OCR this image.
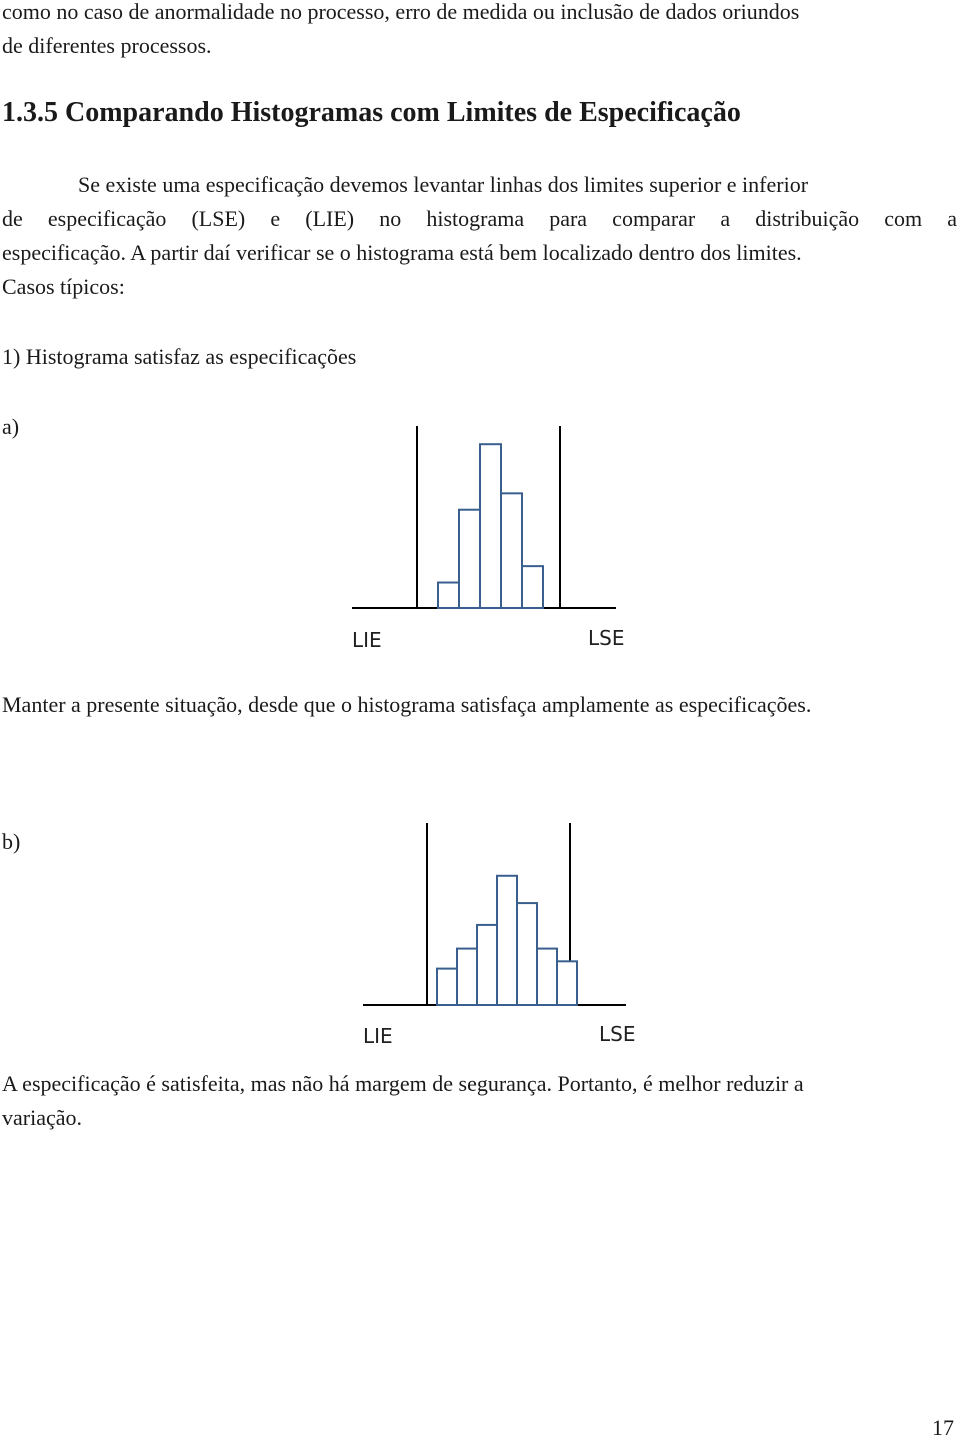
como no caso de anormalidade no processo, erro de medida ou inclusão de dados oriundos

de diferentes processos.

1.3.5 Comparando Histogramas com Limites de Especificação

Se existe uma especificação devemos levantar linhas dos limites superior e inferior

de especificação (LSE) e (LIE) no histograma para comparar a distribuição com a

especificação. A partir daí verificar se o histograma está bem localizado dentro dos limites.

Casos típicos:

1) Histograma satisfaz as especificações

a)

LIE	LSE

Manter a presente situação, desde que o histograma satisfaça amplamente as especificações.

b)

LIE	LSE

A especificação é satisfeita, mas não há margem de segurança. Portanto, é melhor reduzir a

variação.

17
